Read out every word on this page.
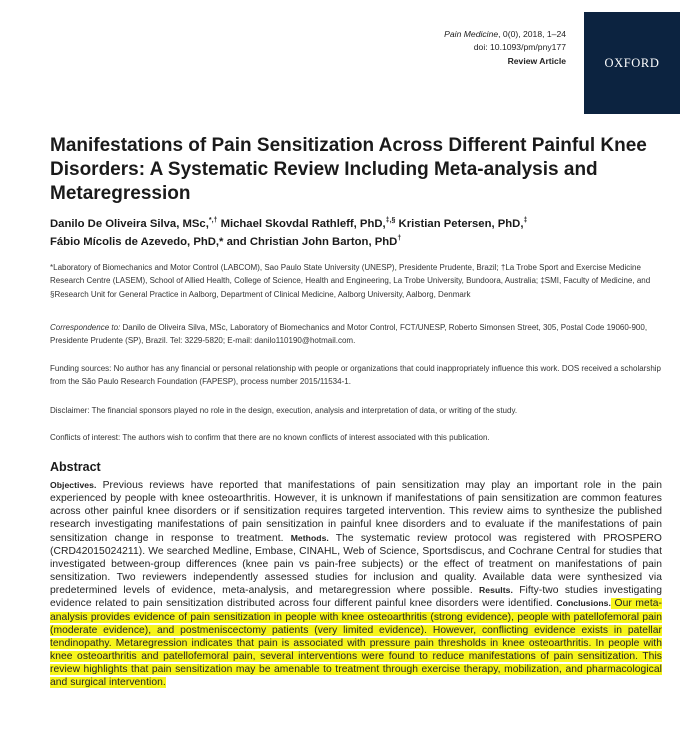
Pain Medicine, 0(0), 2018, 1–24
doi: 10.1093/pm/pny177
Review Article	OXFORD
Manifestations of Pain Sensitization Across Different Painful Knee Disorders: A Systematic Review Including Meta-analysis and Metaregression
Danilo De Oliveira Silva, MSc,*,† Michael Skovdal Rathleff, PhD,‡,§ Kristian Petersen, PhD,‡
Fábio Mícolis de Azevedo, PhD,* and Christian John Barton, PhD†
*Laboratory of Biomechanics and Motor Control (LABCOM), Sao Paulo State University (UNESP), Presidente Prudente, Brazil; †La Trobe Sport and Exercise Medicine Research Centre (LASEM), School of Allied Health, College of Science, Health and Engineering, La Trobe University, Bundoora, Australia; ‡SMI, Faculty of Medicine, and §Research Unit for General Practice in Aalborg, Department of Clinical Medicine, Aalborg University, Aalborg, Denmark
Correspondence to: Danilo de Oliveira Silva, MSc, Laboratory of Biomechanics and Motor Control, FCT/UNESP, Roberto Simonsen Street, 305, Postal Code 19060-900, Presidente Prudente (SP), Brazil. Tel: 3229-5820; E-mail: danilo110190@hotmail.com.
Funding sources: No author has any financial or personal relationship with people or organizations that could inappropriately influence this work. DOS received a scholarship from the São Paulo Research Foundation (FAPESP), process number 2015/11534-1.
Disclaimer: The financial sponsors played no role in the design, execution, analysis and interpretation of data, or writing of the study.
Conflicts of interest: The authors wish to confirm that there are no known conflicts of interest associated with this publication.
Abstract
Objectives. Previous reviews have reported that manifestations of pain sensitization may play an important role in the pain experienced by people with knee osteoarthritis. However, it is unknown if manifestations of pain sensitization are common features across other painful knee disorders or if sensitization requires targeted intervention. This review aims to synthesize the published research investigating manifestations of pain sensitization in painful knee disorders and to evaluate if the manifestations of pain sensitization change in response to treatment. Methods. The systematic review protocol was registered with PROSPERO (CRD42015024211). We searched Medline, Embase, CINAHL, Web of Science, Sportsdiscus, and Cochrane Central for studies that investigated between-group differences (knee pain vs pain-free subjects) or the effect of treatment on manifestations of pain sensitization. Two reviewers independently assessed studies for inclusion and quality. Available data were synthesized via predetermined levels of evidence, meta-analysis, and metaregression where possible. Results. Fifty-two studies investigating evidence related to pain sensitization distributed across four different painful knee disorders were identified. Conclusions. Our meta-analysis provides evidence of pain sensitization in people with knee osteoarthritis (strong evidence), people with patellofemoral pain (moderate evidence), and postmeniscectomy patients (very limited evidence). However, conflicting evidence exists in patellar tendinopathy. Metaregression indicates that pain is associated with pressure pain thresholds in knee osteoarthritis. In people with knee osteoarthritis and patellofemoral pain, several interventions were found to reduce manifestations of pain sensitization. This review highlights that pain sensitization may be amenable to treatment through exercise therapy, mobilization, and pharmacological and surgical intervention.
